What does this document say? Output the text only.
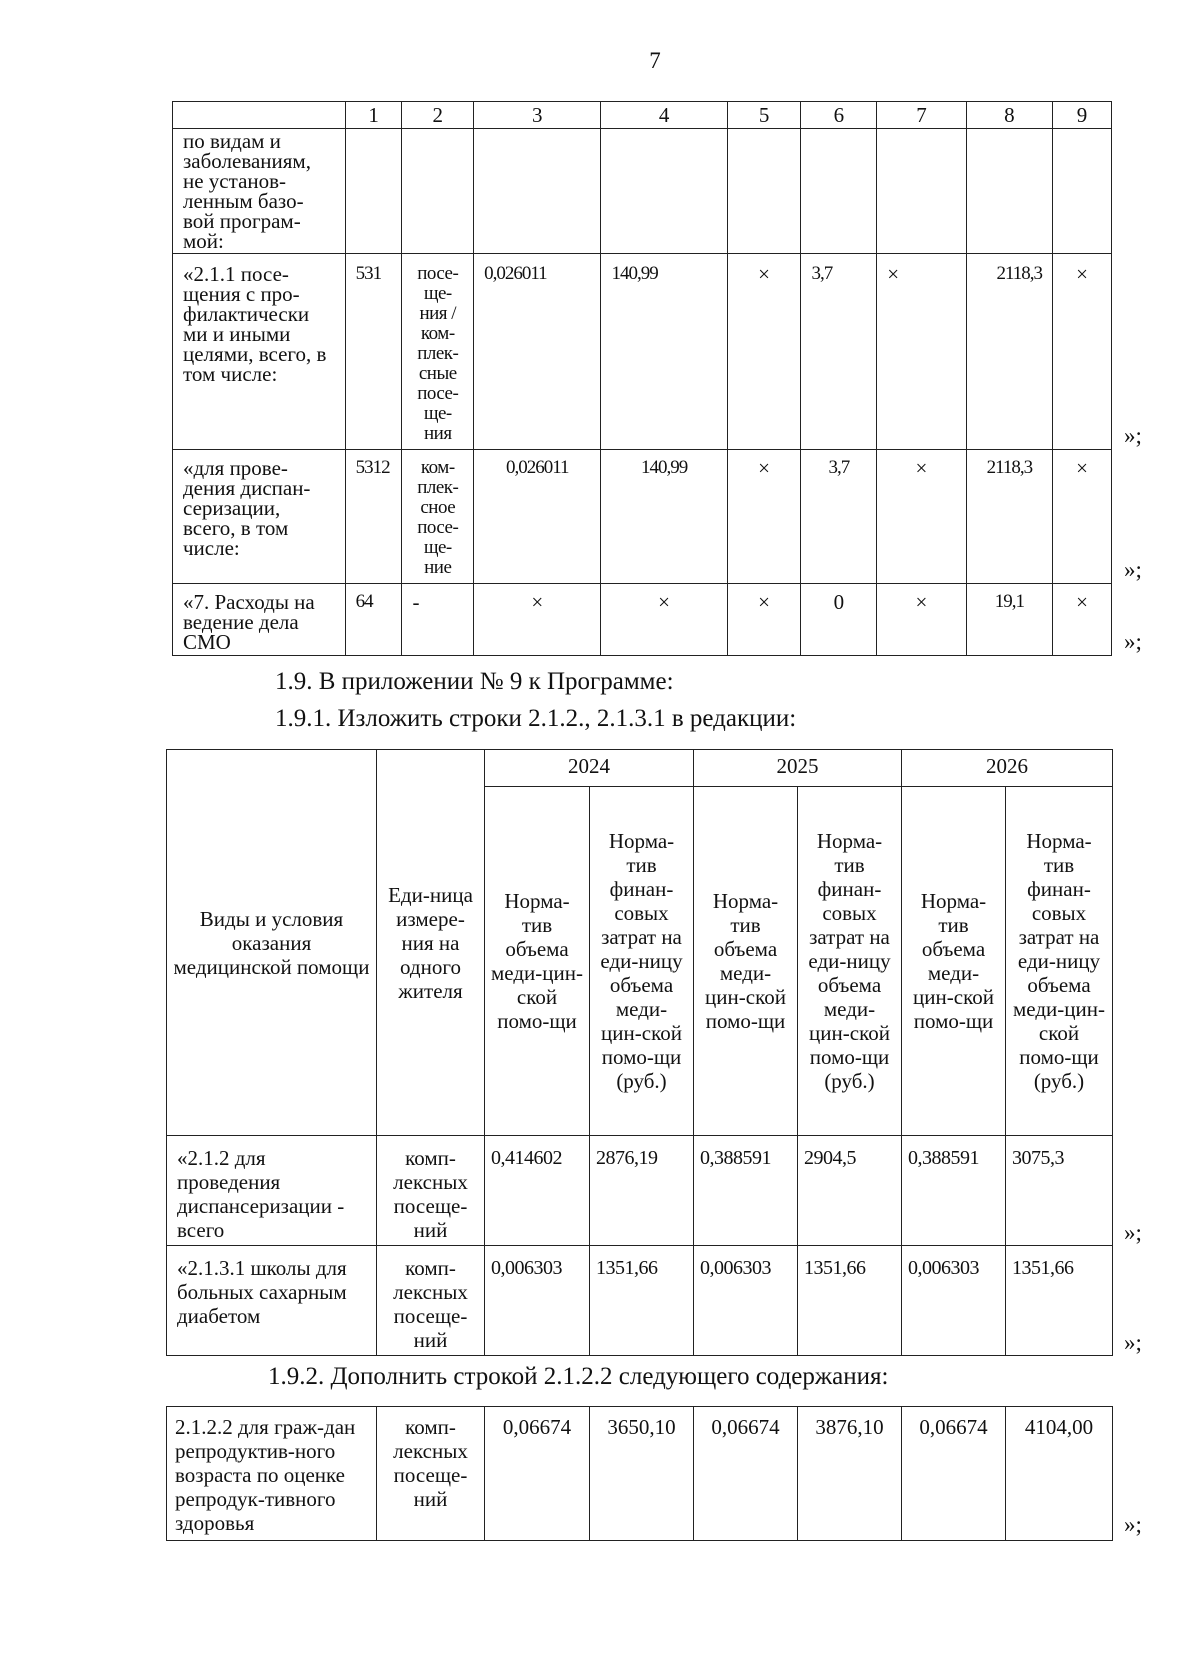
7
	1	2	3	4	5	6	7	8	9
по видам и заболеваниям, не установ-ленным базо-вой програм-мой:									
«2.1.1 посе-щения с про-филактически ми и иными целями, всего, в том числе:	531	посе-ще-ния / ком-плек-сные посе-ще-ния	0,026011	140,99	×	3,7	×	2118,3	×
«для прове-дения диспан-серизации, всего, в том числе:	5312	ком-плек-сное посе-ще-ние	0,026011	140,99	×	3,7	×	2118,3	×
«7. Расходы на ведение дела СМО	64	-	×	×	×	0	×	19,1	×
»;
»;
»;
1.9. В приложении № 9 к Программе:
1.9.1. Изложить строки 2.1.2., 2.1.3.1 в редакции:
Виды и условия оказания медицинской помощи	Еди-ница измере-ния на одного жителя	2024		2025		2026	
		Норма-тив объема меди-цин-ской помо-щи	Норма-тив финан-совых затрат на еди-ницу объема меди-цин-ской помо-щи (руб.)	Норма-тив объема меди-цин-ской помо-щи	Норма-тив финан-совых затрат на еди-ницу объема меди-цин-ской помо-щи (руб.)	Норма-тив объема меди-цин-ской помо-щи	Норма-тив финан-совых затрат на еди-ницу объема меди-цин-ской помо-щи (руб.)
«2.1.2 для проведения диспансеризации - всего	комп-лексных посеще-ний	0,414602	2876,19	0,388591	2904,5	0,388591	3075,3
«2.1.3.1 школы для больных сахарным диабетом	комп-лексных посеще-ний	0,006303	1351,66	0,006303	1351,66	0,006303	1351,66
»;
»;
1.9.2. Дополнить строкой 2.1.2.2 следующего содержания:
2.1.2.2 для граж-дан репродуктив-ного возраста по оценке репродук-тивного здоровья	комп-лексных посеще-ний	0,06674	3650,10	0,06674	3876,10	0,06674	4104,00
»;
